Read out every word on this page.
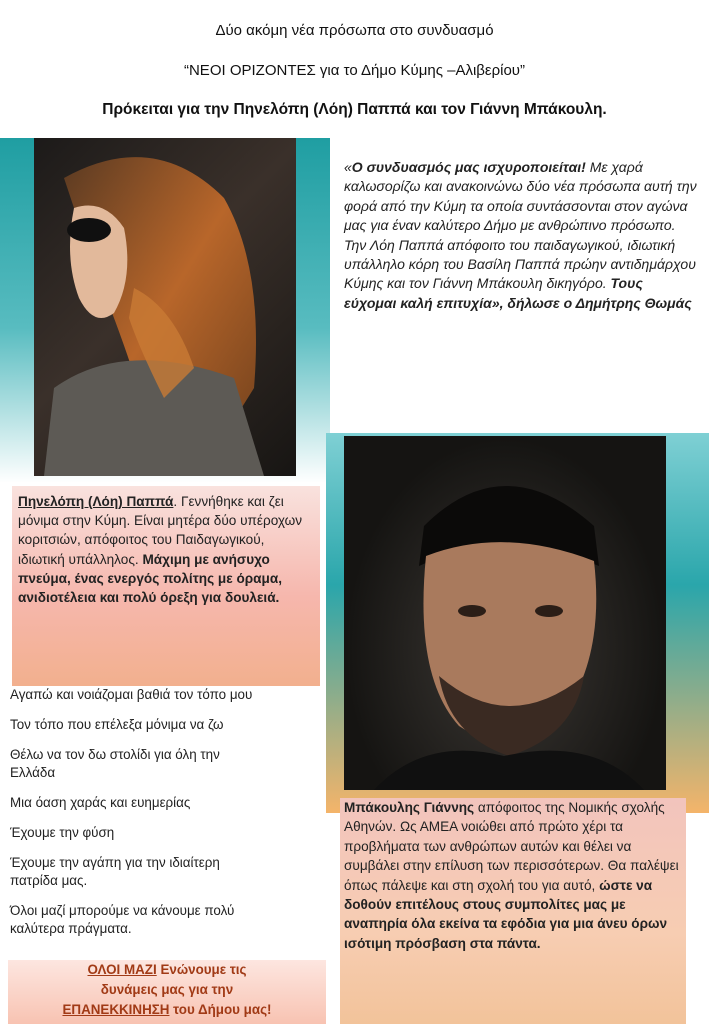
Δύο ακόμη νέα πρόσωπα στο συνδυασμό
“ΝΕΟΙ ΟΡΙΖΟΝΤΕΣ για το Δήμο Κύμης –Αλιβερίου”
Πρόκειται για την Πηνελόπη (Λόη) Παππά και τον Γιάννη Μπάκουλη.
«Ο συνδυασμός μας ισχυροποιείται! Με χαρά καλωσορίζω και ανακοινώνω δύο νέα πρόσωπα αυτή την φορά από την Κύμη τα οποία συντάσσονται στον αγώνα μας για έναν καλύτερο Δήμο με ανθρώπινο πρόσωπο. Την Λόη Παππά απόφοιτο του παιδαγωγικού, ιδιωτική υπάλληλο κόρη του Βασίλη Παππά πρώην αντιδημάρχου Κύμης και τον Γιάννη Μπάκουλη δικηγόρο. Τους εύχομαι καλή επιτυχία», δήλωσε ο Δημήτρης Θωμάς
Πηνελόπη (Λόη) Παππά. Γεννήθηκε και ζει μόνιμα στην Κύμη. Είναι μητέρα δύο υπέροχων κοριτσιών, απόφοιτος του Παιδαγωγικού, ιδιωτική υπάλληλος. Μάχιμη με ανήσυχο πνεύμα, ένας ενεργός πολίτης με όραμα, ανιδιοτέλεια και πολύ όρεξη για δουλειά.
Αγαπώ και νοιάζομαι βαθιά τον τόπο μου
Τον τόπο που επέλεξα μόνιμα να ζω
Θέλω να τον δω στολίδι για όλη την
Ελλάδα
Μια όαση χαράς και ευημερίας
Έχουμε την φύση
Έχουμε την αγάπη για την ιδιαίτερη
πατρίδα μας.
Όλοι μαζί μπορούμε να κάνουμε πολύ
καλύτερα πράγματα.
ΟΛΟΙ ΜΑΖΙ Ενώνουμε τις
δυνάμεις μας για την
ΕΠΑΝΕΚΚΙΝΗΣΗ του Δήμου μας!
Μπάκουλης Γιάννης απόφοιτος της Νομικής σχολής Αθηνών. Ως ΑΜΕΑ νοιώθει από πρώτο χέρι τα προβλήματα των ανθρώπων αυτών και θέλει να συμβάλει στην επίλυση των περισσότερων. Θα παλέψει όπως πάλεψε και στη σχολή του για αυτό, ώστε να δοθούν επιτέλους στους συμπολίτες μας με αναπηρία όλα εκείνα τα εφόδια για μια άνευ όρων ισότιμη πρόσβαση στα πάντα.
